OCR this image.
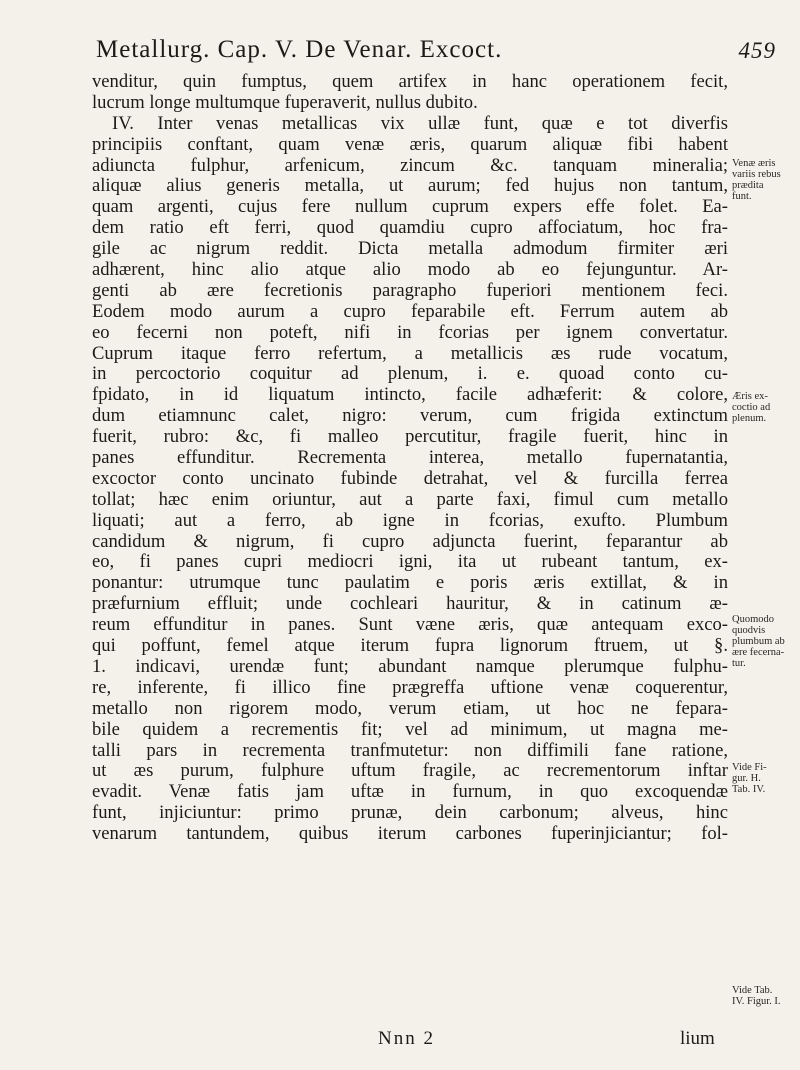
Metallurg. Cap. V. De Venar. Excoct.	459
venditur, quin fumptus, quem artifex in hanc operationem fecit,
lucrum longe multumque fuperaverit, nullus dubito.
IV. Inter venas metallicas vix ullæ funt, quæ e tot diverfis
principiis conftant, quam venæ æris, quarum aliquæ fibi habent
adiuncta fulphur, arfenicum, zincum &c. tanquam mineralia;
aliquæ alius generis metalla, ut aurum; fed hujus non tantum,
quam argenti, cujus fere nullum cuprum expers effe folet. Ea-
dem ratio eft ferri, quod quamdiu cupro affociatum, hoc fra-
gile ac nigrum reddit. Dicta metalla admodum firmiter æri
adhærent, hinc alio atque alio modo ab eo fejunguntur. Ar-
genti ab ære fecretionis paragrapho fuperiori mentionem feci.
Eodem modo aurum a cupro feparabile eft. Ferrum autem ab
eo fecerni non poteft, nifi in fcorias per ignem convertatur.
Cuprum itaque ferro refertum, a metallicis æs rude vocatum,
in percoctorio coquitur ad plenum, i. e. quoad conto cu-
fpidato, in id liquatum intincto, facile adhæferit: & colore,
dum etiamnunc calet, nigro: verum, cum frigida extinctum
fuerit, rubro: &c, fi malleo percutitur, fragile fuerit, hinc in
panes effunditur. Recrementa interea, metallo fupernatantia,
excoctor conto uncinato fubinde detrahat, vel & furcilla ferrea
tollat; hæc enim oriuntur, aut a parte faxi, fimul cum metallo
liquati; aut a ferro, ab igne in fcorias, exufto. Plumbum
candidum & nigrum, fi cupro adjuncta fuerint, feparantur ab
eo, fi panes cupri mediocri igni, ita ut rubeant tantum, ex-
ponantur: utrumque tunc paulatim e poris æris extillat, & in
præfurnium effluit; unde cochleari hauritur, & in catinum æ-
reum effunditur in panes. Sunt væne æris, quæ antequam exco-
qui poffunt, femel atque iterum fupra lignorum ftruem, ut §.
1. indicavi, urendæ funt; abundant namque plerumque fulphu-
re, inferente, fi illico fine prægreffa uftione venæ coquerentur,
metallo non rigorem modo, verum etiam, ut hoc ne fepara-
bile quidem a recrementis fit; vel ad minimum, ut magna me-
talli pars in recrementa tranfmutetur: non diffimili fane ratione,
ut æs purum, fulphure uftum fragile, ac recrementorum inftar
evadit. Venæ fatis jam uftæ in furnum, in quo excoquendæ
funt, injiciuntur: primo prunæ, dein carbonum; alveus, hinc
venarum tantundem, quibus iterum carbones fuperinjiciantur; fol-
Venæ æris
variis rebus
prædita
funt.
Æris ex-
coctio ad
plenum.
Quomodo
quodvis
plumbum ab
ære fecerna-
tur.
Vide Fi-
gur. H.
Tab. IV.
Vide Tab.
IV. Figur. I.
Nnn 2	lium
